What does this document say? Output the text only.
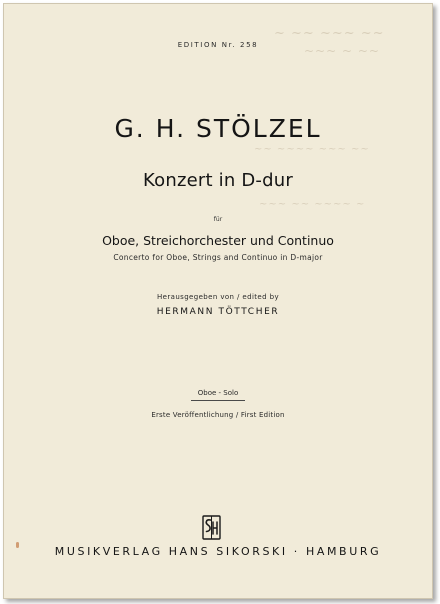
~ ~~ ~~~ ~~
~~~ ~ ~~
~~ ~~~~ ~~~ ~~
~~~ ~~ ~~~~ ~

EDITION Nr. 258

G. H. STÖLZEL

Konzert in D-dur

für

Oboe, Streichorchester und Continuo

Concerto for Oboe, Strings and Continuo in D-major

Herausgegeben von / edited by

HERMANN TÖTTCHER

Oboe - Solo

Erste Veröffentlichung / First Edition

MUSIKVERLAG HANS SIKORSKI · HAMBURG
